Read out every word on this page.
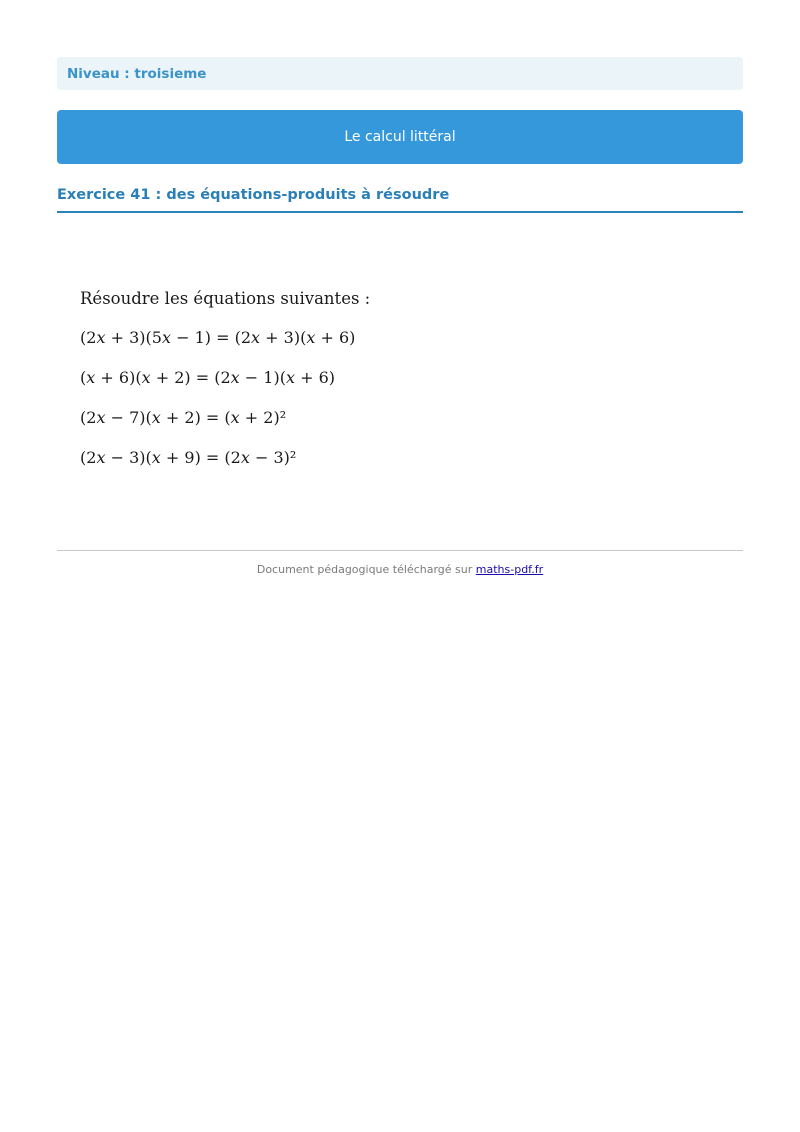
Niveau : troisieme
Le calcul littéral
Exercice 41 : des équations-produits à résoudre
Résoudre les équations suivantes :
(2x + 3)(5x − 1) = (2x + 3)(x + 6)
(x + 6)(x + 2) = (2x − 1)(x + 6)
(2x − 7)(x + 2) = (x + 2)²
(2x − 3)(x + 9) = (2x − 3)²
Document pédagogique téléchargé sur maths-pdf.fr
